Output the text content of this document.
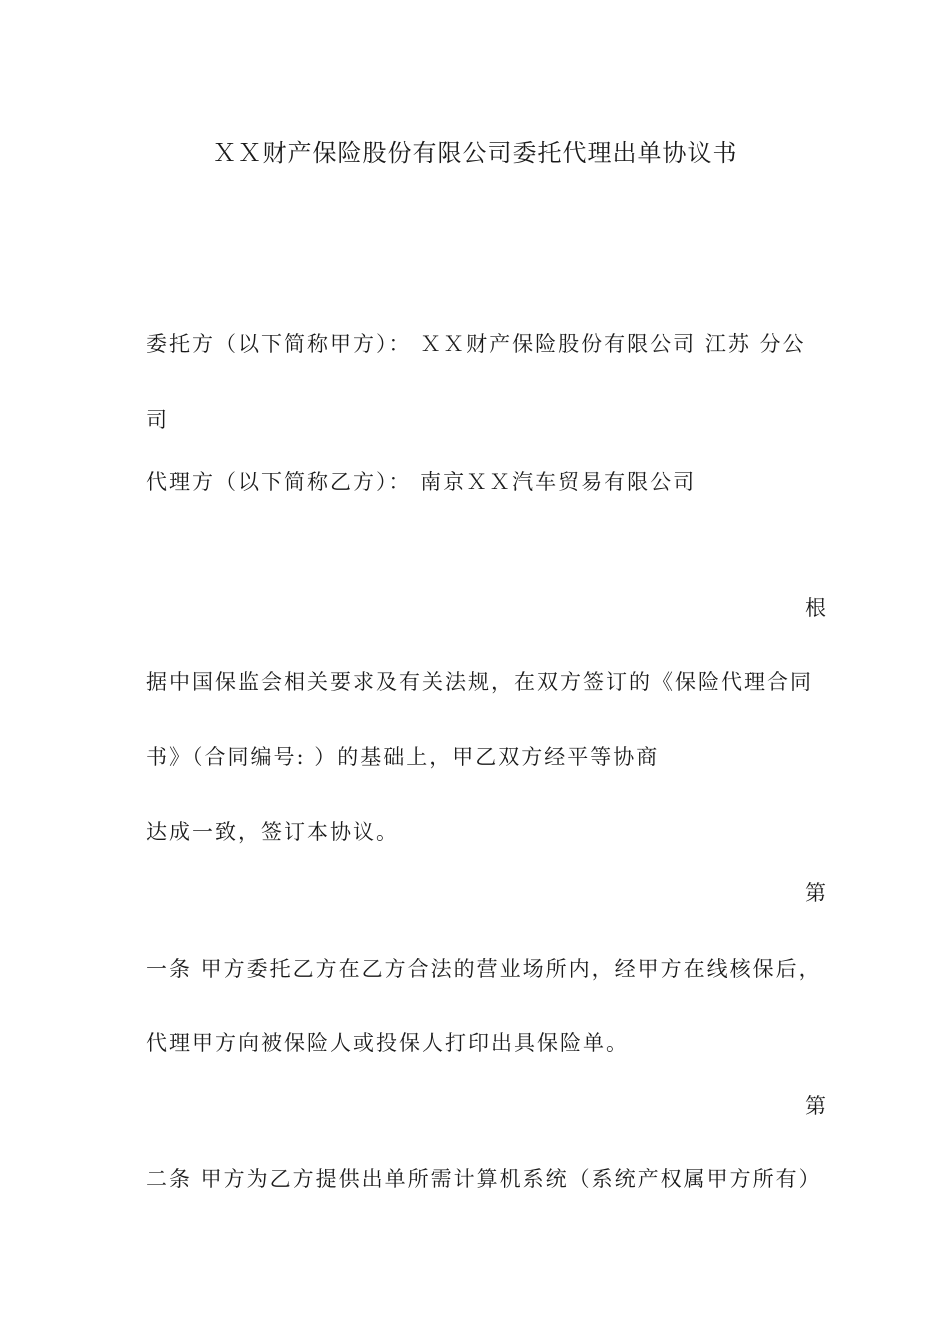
ＸＸ财产保险股份有限公司委托代理出单协议书
委托方（以下简称甲方）： ＸＸ财产保险股份有限公司 江苏 分公
司
代理方（以下简称乙方）： 南京ＸＸ汽车贸易有限公司
根
据中国保监会相关要求及有关法规，在双方签订的《保险代理合同
书》（合同编号: ）的基础上，甲乙双方经平等协商
达成一致，签订本协议。
第
一条 甲方委托乙方在乙方合法的营业场所内，经甲方在线核保后，
代理甲方向被保险人或投保人打印出具保险单。
第
二条 甲方为乙方提供出单所需计算机系统（系统产权属甲方所有）
